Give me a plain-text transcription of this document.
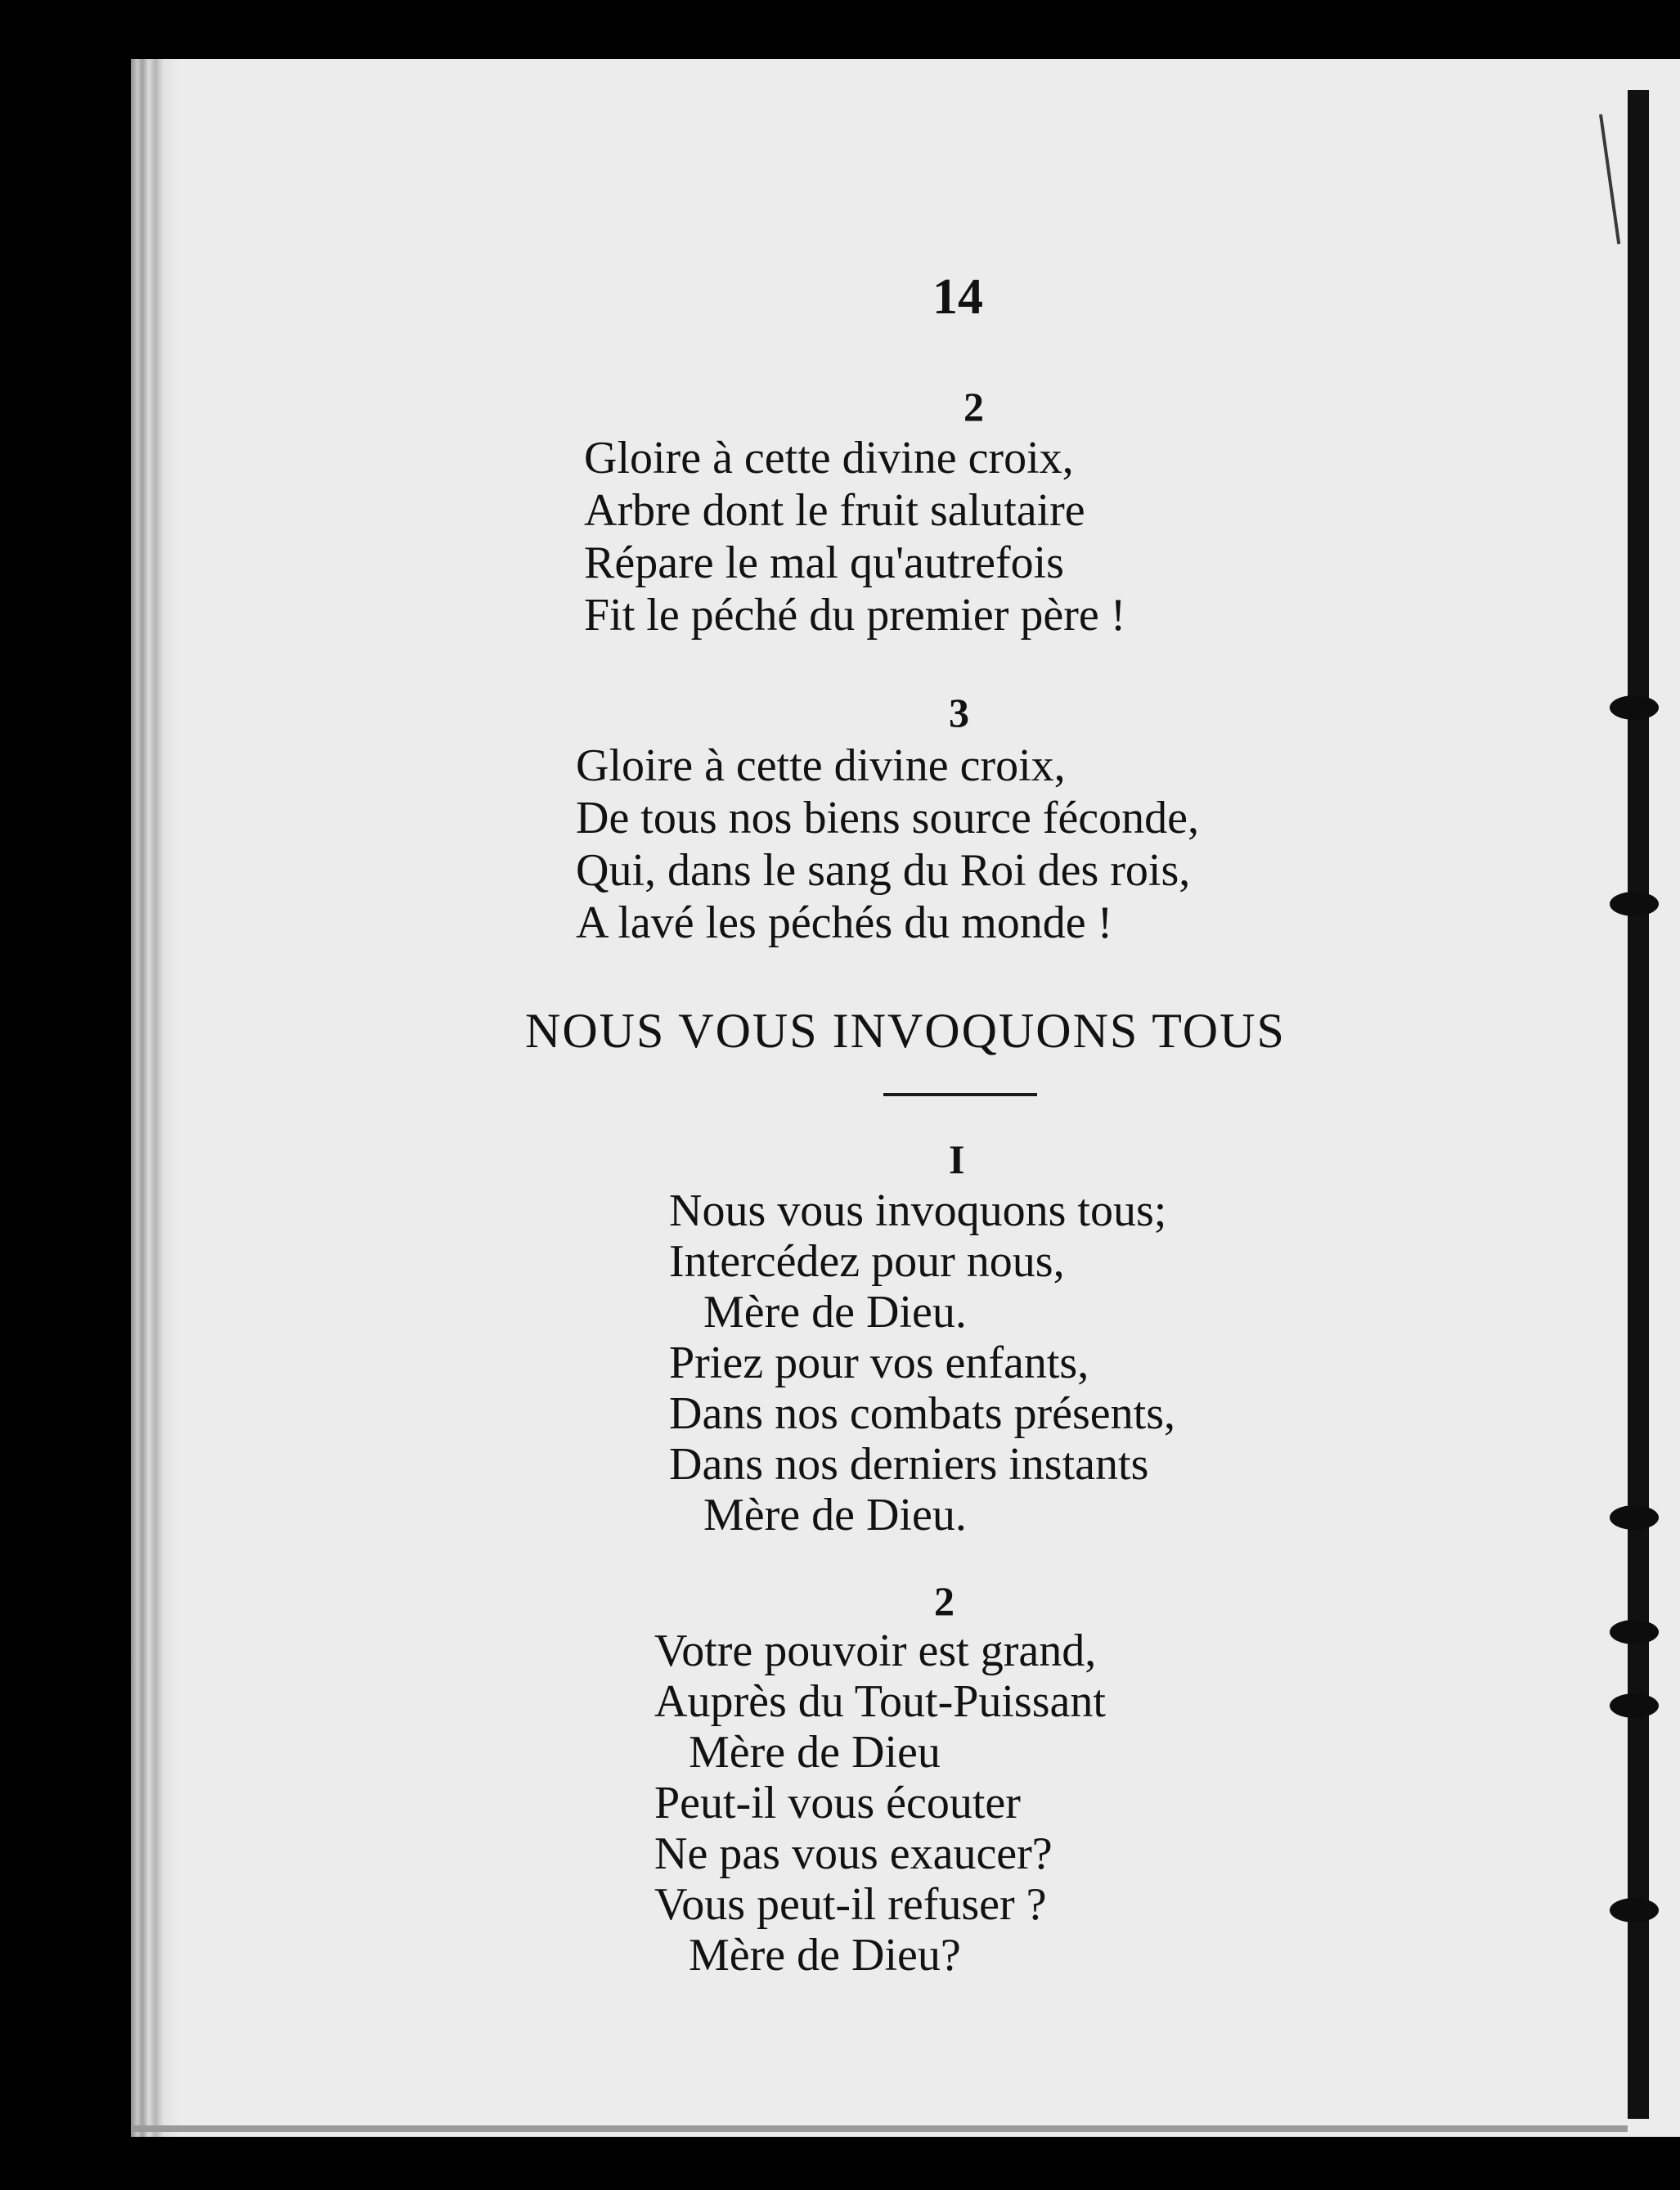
14
2
Gloire à cette divine croix,
Arbre dont le fruit salutaire
Répare le mal qu'autrefois
Fit le péché du premier père !
3
Gloire à cette divine croix,
De tous nos biens source féconde,
Qui, dans le sang du Roi des rois,
A lavé les péchés du monde !
NOUS VOUS INVOQUONS TOUS
I
Nous vous invoquons tous;
Intercédez pour nous,
Mère de Dieu.
Priez pour vos enfants,
Dans nos combats présents,
Dans nos derniers instants
Mère de Dieu.
2
Votre pouvoir est grand,
Auprès du Tout-Puissant
Mère de Dieu
Peut-il vous écouter
Ne pas vous exaucer?
Vous peut-il refuser ?
Mère de Dieu?
